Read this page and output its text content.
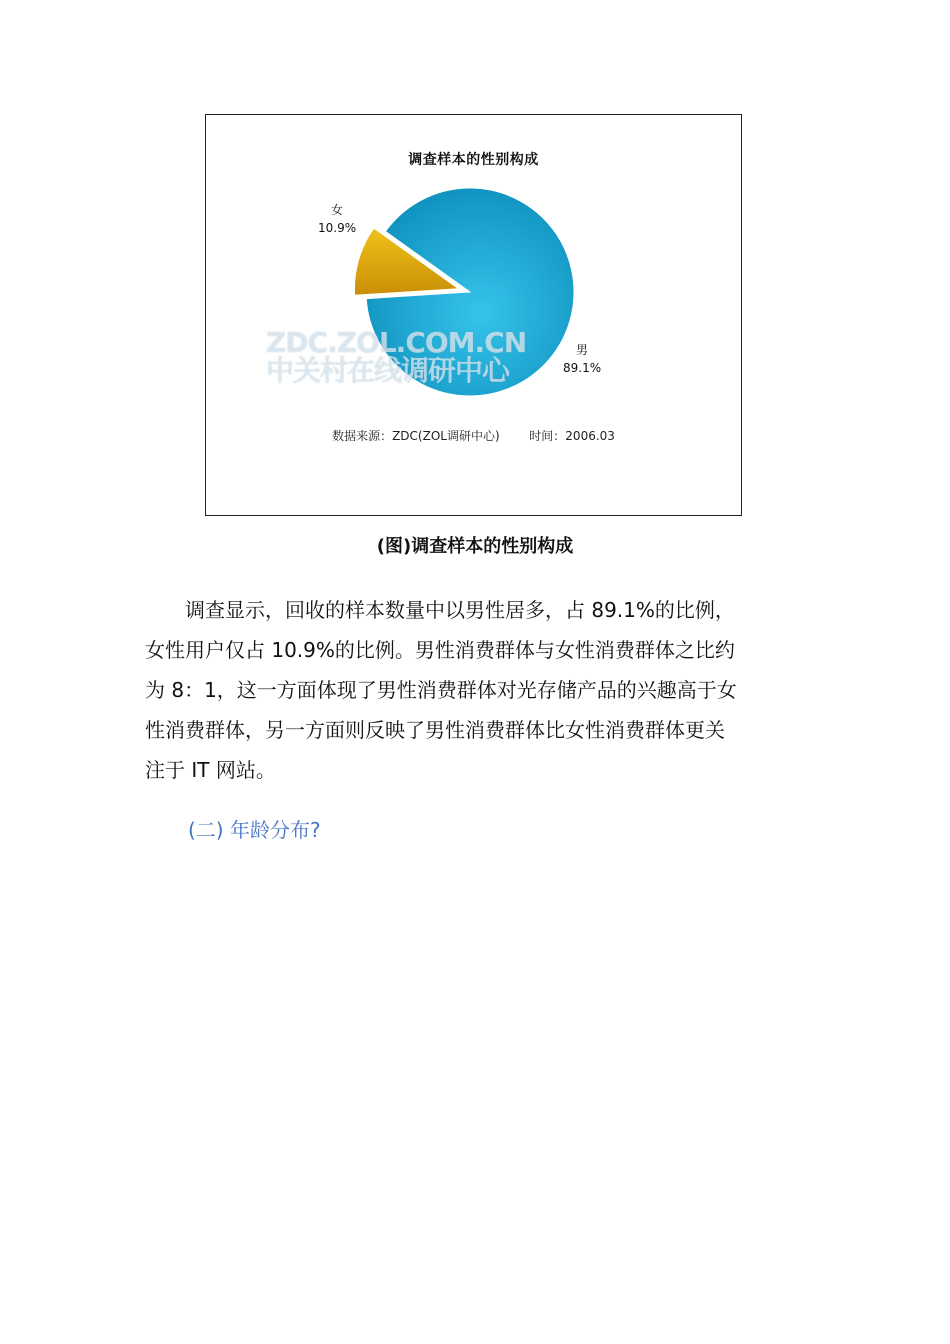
调查样本的性别构成
女
10.9%
男
89.1%
ZDC.ZOL.COM.CN
中关村在线调研中心
数据来源：ZDC(ZOL调研中心) 时间：2006.03
(图)调查样本的性别构成
　　调查显示，回收的样本数量中以男性居多，占 89.1%的比例，
女性用户仅占 10.9%的比例。男性消费群体与女性消费群体之比约
为 8：1，这一方面体现了男性消费群体对光存储产品的兴趣高于女
性消费群体，另一方面则反映了男性消费群体比女性消费群体更关
注于 IT 网站。
(二) 年龄分布?
